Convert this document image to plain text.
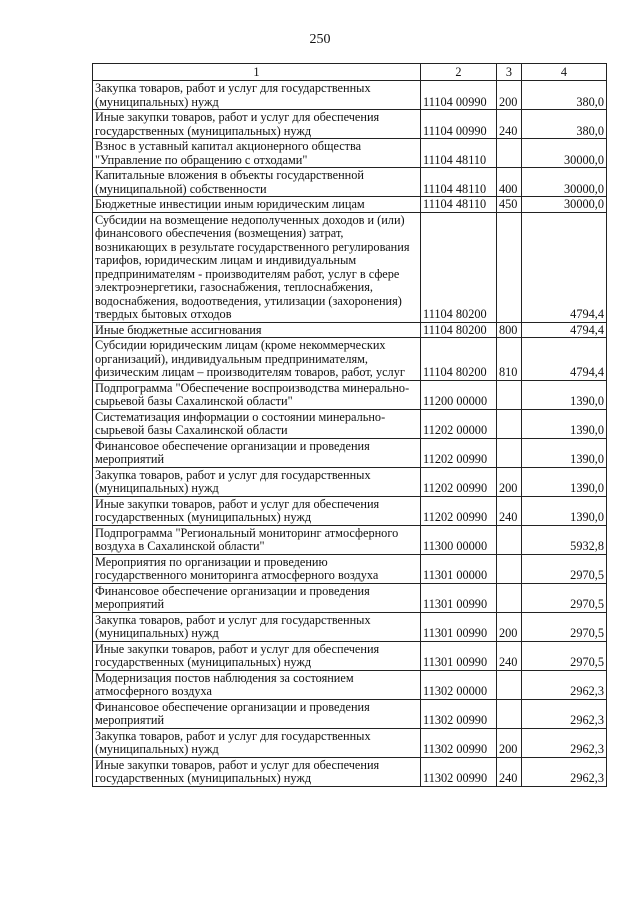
250
1	2	3	4
Закупка товаров, работ и услуг для государственных (муниципальных) нужд	11104 00990	200	380,0
Иные закупки товаров, работ и услуг для обеспечения государственных (муниципальных) нужд	11104 00990	240	380,0
Взнос в уставный капитал акционерного общества "Управление по обращению с отходами"	11104 48110		30000,0
Капитальные вложения в объекты государственной (муниципальной) собственности	11104 48110	400	30000,0
Бюджетные инвестиции иным юридическим лицам	11104 48110	450	30000,0
Субсидии на возмещение недополученных доходов и (или) финансового обеспечения (возмещения) затрат, возникающих в результате государственного регулирования тарифов, юридическим лицам и индивидуальным предпринимателям - производителям работ, услуг в сфере электроэнергетики, газоснабжения, теплоснабжения, водоснабжения, водоотведения, утилизации (захоронения) твердых бытовых отходов	11104 80200		4794,4
Иные бюджетные ассигнования	11104 80200	800	4794,4
Субсидии юридическим лицам (кроме некоммерческих организаций), индивидуальным предпринимателям, физическим лицам – производителям товаров, работ, услуг	11104 80200	810	4794,4
Подпрограмма "Обеспечение воспроизводства минерально-сырьевой базы Сахалинской области"	11200 00000		1390,0
Систематизация информации о состоянии минерально-сырьевой базы Сахалинской области	11202 00000		1390,0
Финансовое обеспечение организации и проведения мероприятий	11202 00990		1390,0
Закупка товаров, работ и услуг для государственных (муниципальных) нужд	11202 00990	200	1390,0
Иные закупки товаров, работ и услуг для обеспечения государственных (муниципальных) нужд	11202 00990	240	1390,0
Подпрограмма "Региональный мониторинг атмосферного воздуха в Сахалинской области"	11300 00000		5932,8
Мероприятия по организации и проведению государственного мониторинга атмосферного воздуха	11301 00000		2970,5
Финансовое обеспечение организации и проведения мероприятий	11301 00990		2970,5
Закупка товаров, работ и услуг для государственных (муниципальных) нужд	11301 00990	200	2970,5
Иные закупки товаров, работ и услуг для обеспечения государственных (муниципальных) нужд	11301 00990	240	2970,5
Модернизация постов наблюдения за состоянием атмосферного воздуха	11302 00000		2962,3
Финансовое обеспечение организации и проведения мероприятий	11302 00990		2962,3
Закупка товаров, работ и услуг для государственных (муниципальных) нужд	11302 00990	200	2962,3
Иные закупки товаров, работ и услуг для обеспечения государственных (муниципальных) нужд	11302 00990	240	2962,3
